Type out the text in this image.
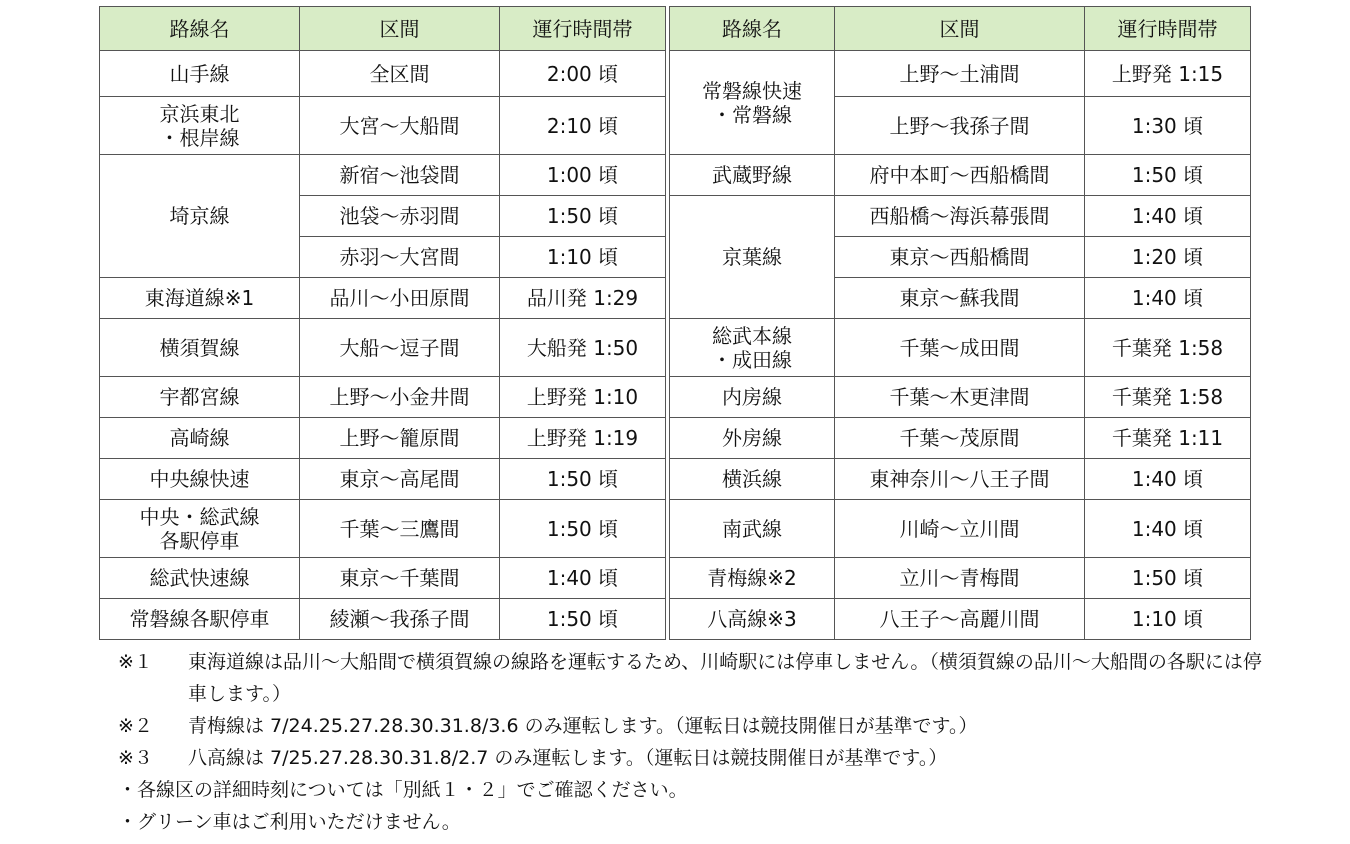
路線名	区間	運行時間帯
山手線	全区間	2:00 頃
京浜東北
・根岸線	大宮～大船間	2:10 頃
埼京線	新宿～池袋間	1:00 頃
	池袋～赤羽間	1:50 頃
	赤羽～大宮間	1:10 頃
東海道線※1	品川～小田原間	品川発 1:29
横須賀線	大船～逗子間	大船発 1:50
宇都宮線	上野～小金井間	上野発 1:10
高崎線	上野～籠原間	上野発 1:19
中央線快速	東京～高尾間	1:50 頃
中央・総武線
各駅停車	千葉～三鷹間	1:50 頃
総武快速線	東京～千葉間	1:40 頃
常磐線各駅停車	綾瀬～我孫子間	1:50 頃
路線名	区間	運行時間帯
常磐線快速
・常磐線	上野～土浦間	上野発 1:15
	上野～我孫子間	1:30 頃
武蔵野線	府中本町～西船橋間	1:50 頃
京葉線	西船橋～海浜幕張間	1:40 頃
	東京～西船橋間	1:20 頃
	東京～蘇我間	1:40 頃
総武本線
・成田線	千葉～成田間	千葉発 1:58
内房線	千葉～木更津間	千葉発 1:58
外房線	千葉～茂原間	千葉発 1:11
横浜線	東神奈川～八王子間	1:40 頃
南武線	川崎～立川間	1:40 頃
青梅線※2	立川～青梅間	1:50 頃
八高線※3	八王子～高麗川間	1:10 頃
※１	東海道線は品川～大船間で横須賀線の線路を運転するため、川崎駅には停車しません。（横須賀線の品川～大船間の各駅には停車します。）
※２	青梅線は 7/24.25.27.28.30.31.8/3.6 のみ運転します。（運転日は競技開催日が基準です。）
※３	八高線は 7/25.27.28.30.31.8/2.7 のみ運転します。（運転日は競技開催日が基準です。）
・各線区の詳細時刻については「別紙１・２」でご確認ください。
・グリーン車はご利用いただけません。
